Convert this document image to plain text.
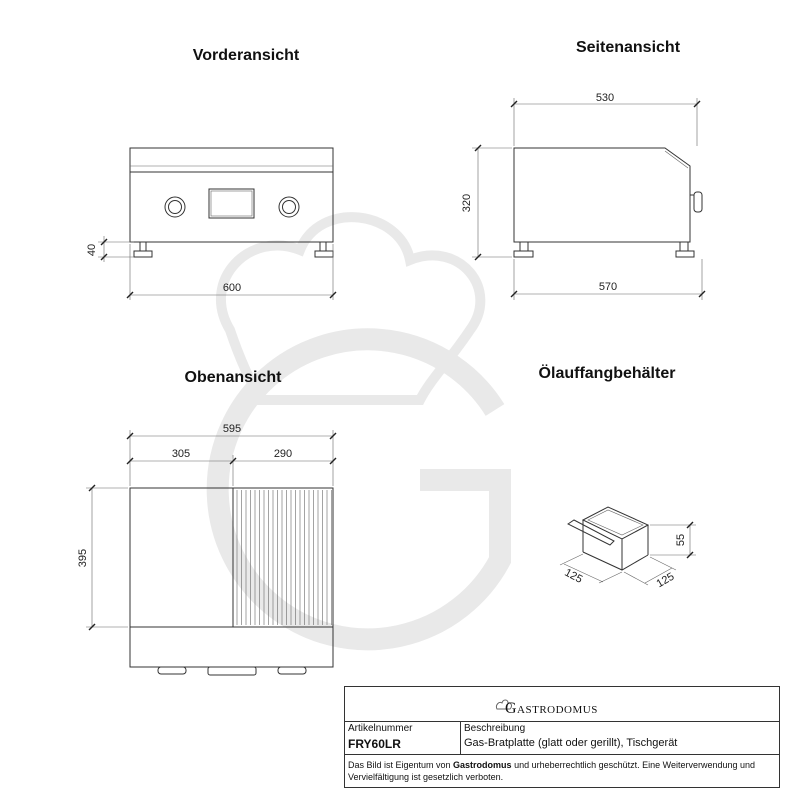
Vorderansicht	Seitenansicht
Obenansicht	Ölauffangbehälter
600
40
530
320
570
595
305	290
395
55
125	125
Gastrodomus
Artikelnummer
FRY60LR
Beschreibung
Gas-Bratplatte (glatt oder gerillt), Tischgerät
Das Bild ist Eigentum von Gastrodomus und urheberrechtlich geschützt. Eine Weiterverwendung und Vervielfältigung ist gesetzlich verboten.
